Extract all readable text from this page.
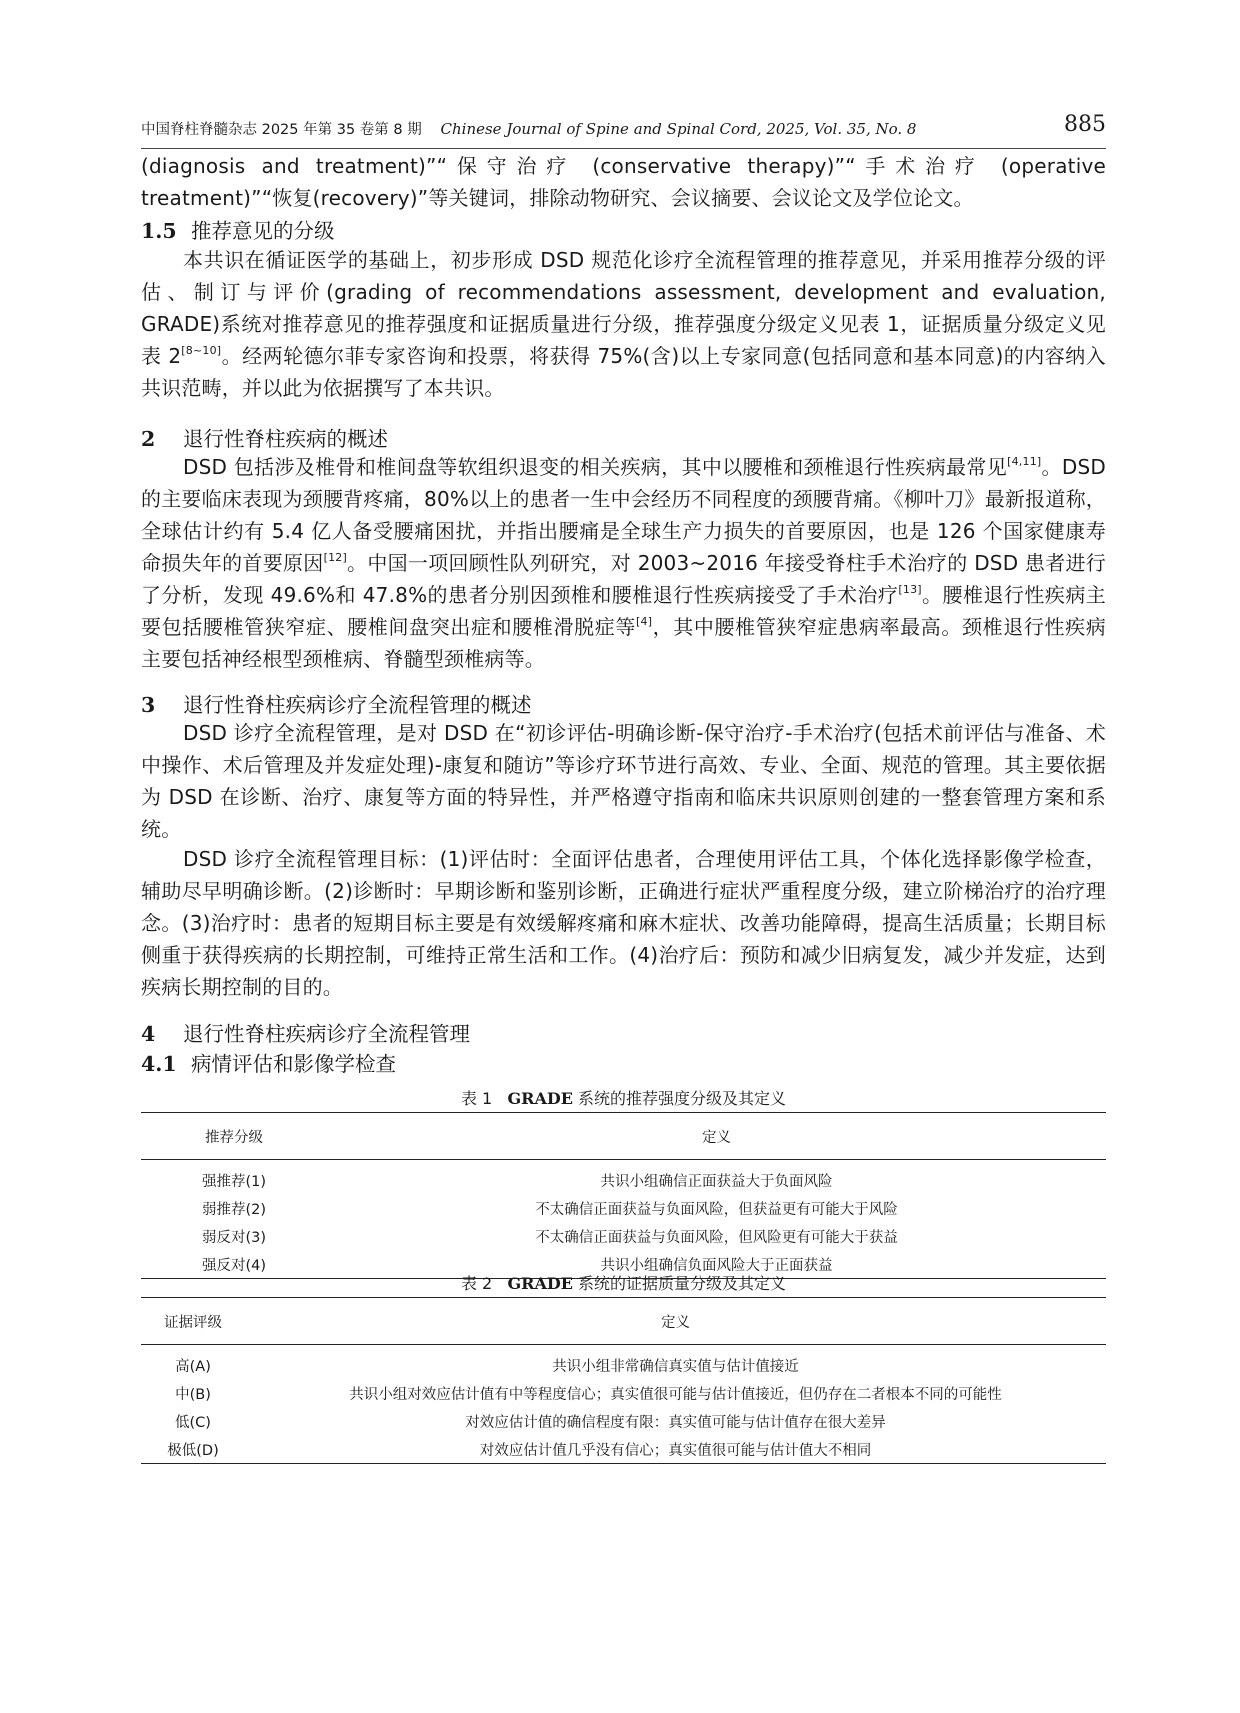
中国脊柱脊髓杂志 2025 年第 35 卷第 8 期 Chinese Journal of Spine and Spinal Cord, 2025, Vol. 35, No. 8	885
(diagnosis and treatment)”“保守治疗 (conservative therapy)”“手术治疗 (operative treatment)”“恢复(recovery)”等关键词，排除动物研究、会议摘要、会议论文及学位论文。
1.5 推荐意见的分级
本共识在循证医学的基础上，初步形成 DSD 规范化诊疗全流程管理的推荐意见，并采用推荐分级的评估、制订与评价(grading of recommendations assessment, development and evaluation, GRADE)系统对推荐意见的推荐强度和证据质量进行分级，推荐强度分级定义见表 1，证据质量分级定义见表 2[8~10]。经两轮德尔菲专家咨询和投票，将获得 75%(含)以上专家同意(包括同意和基本同意)的内容纳入共识范畴，并以此为依据撰写了本共识。
2 退行性脊柱疾病的概述
DSD 包括涉及椎骨和椎间盘等软组织退变的相关疾病，其中以腰椎和颈椎退行性疾病最常见[4,11]。DSD 的主要临床表现为颈腰背疼痛，80%以上的患者一生中会经历不同程度的颈腰背痛。《柳叶刀》最新报道称，全球估计约有 5.4 亿人备受腰痛困扰，并指出腰痛是全球生产力损失的首要原因，也是 126 个国家健康寿命损失年的首要原因[12]。中国一项回顾性队列研究，对 2003~2016 年接受脊柱手术治疗的 DSD 患者进行了分析，发现 49.6%和 47.8%的患者分别因颈椎和腰椎退行性疾病接受了手术治疗[13]。腰椎退行性疾病主要包括腰椎管狭窄症、腰椎间盘突出症和腰椎滑脱症等[4]，其中腰椎管狭窄症患病率最高。颈椎退行性疾病主要包括神经根型颈椎病、脊髓型颈椎病等。
3 退行性脊柱疾病诊疗全流程管理的概述
DSD 诊疗全流程管理，是对 DSD 在“初诊评估-明确诊断-保守治疗-手术治疗(包括术前评估与准备、术中操作、术后管理及并发症处理)-康复和随访”等诊疗环节进行高效、专业、全面、规范的管理。其主要依据为 DSD 在诊断、治疗、康复等方面的特异性，并严格遵守指南和临床共识原则创建的一整套管理方案和系统。
DSD 诊疗全流程管理目标：(1)评估时：全面评估患者，合理使用评估工具，个体化选择影像学检查，辅助尽早明确诊断。(2)诊断时：早期诊断和鉴别诊断，正确进行症状严重程度分级，建立阶梯治疗的治疗理念。(3)治疗时：患者的短期目标主要是有效缓解疼痛和麻木症状、改善功能障碍，提高生活质量；长期目标侧重于获得疾病的长期控制，可维持正常生活和工作。(4)治疗后：预防和减少旧病复发，减少并发症，达到疾病长期控制的目的。
4 退行性脊柱疾病诊疗全流程管理
4.1 病情评估和影像学检查
表 1 GRADE 系统的推荐强度分级及其定义
推荐分级	定义
强推荐(1)	共识小组确信正面获益大于负面风险
弱推荐(2)	不太确信正面获益与负面风险，但获益更有可能大于风险
弱反对(3)	不太确信正面获益与负面风险，但风险更有可能大于获益
强反对(4)	共识小组确信负面风险大于正面获益
表 2 GRADE 系统的证据质量分级及其定义
证据评级	定义
高(A)	共识小组非常确信真实值与估计值接近
中(B)	共识小组对效应估计值有中等程度信心；真实值很可能与估计值接近，但仍存在二者根本不同的可能性
低(C)	对效应估计值的确信程度有限：真实值可能与估计值存在很大差异
极低(D)	对效应估计值几乎没有信心；真实值很可能与估计值大不相同
